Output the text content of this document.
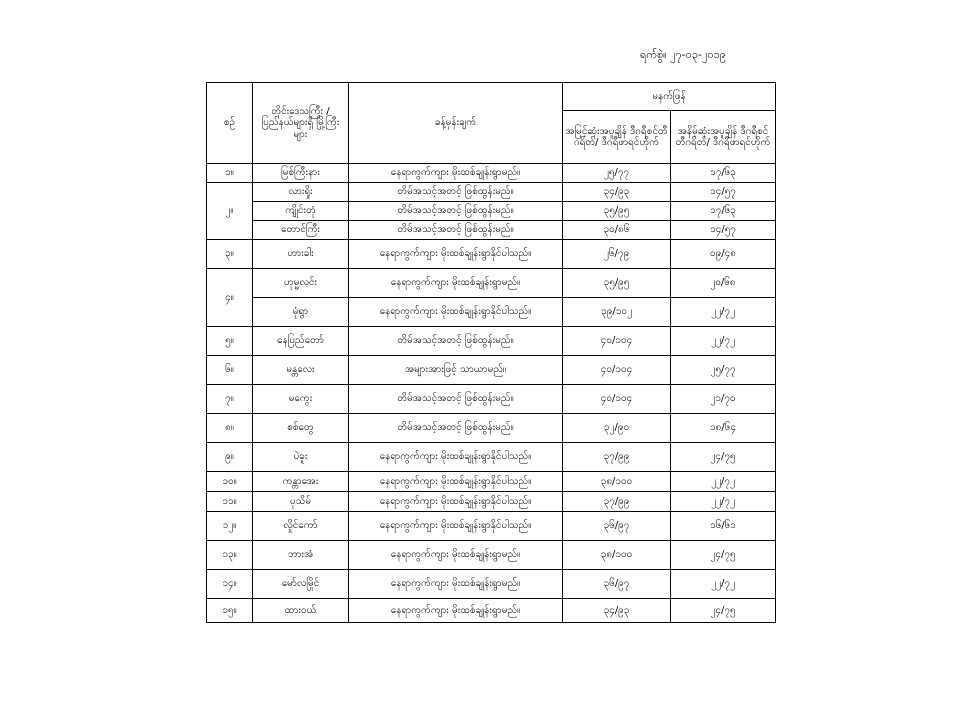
ရက်စွဲ။ ၂၇-၀၃-၂၀၁၉
စဉ်	တိုင်းဒေသကြီး / ပြည်နယ်များရှိ မြို့ကြီးများ	ခန့်မှန်းချက်	မနက်ဖြန်	
			အမြင့်ဆုံးအပူချိန် ဒီဂရီစင်တီဂရိတ်/ ဒီဂရီဖာရင်ဟိုက်	အနိမ့်ဆုံးအပူချိန် ဒီဂရီစင်တီဂရိတ်/ ဒီဂရီဖာရင်ဟိုက်
၁။	မြစ်ကြီးနား	နေရာကွက်ကျား မိုးထစ်ချုန်းရွာမည်။	၂၅/၇၇	၁၇/၆၃
၂။	လားရှိုး	တိမ်အသင့်အတင့် ဖြစ်ထွန်းမည်။	၃၄/၉၃	၁၄/၅၇
	ကျိုင်းတုံ	တိမ်အသင့်အတင့် ဖြစ်ထွန်းမည်။	၃၅/၉၅	၁၇/၆၃
	တောင်ကြီး	တိမ်အသင့်အတင့် ဖြစ်ထွန်းမည်။	၃၀/၈၆	၁၄/၅၇
၃။	ဟားခါး	နေရာကွက်ကျား မိုးထစ်ချုန်းရွာနိုင်ပါသည်။	၂၆/၇၉	၀၉/၄၈
၄။	ဟုမ္မလင်း	နေရာကွက်ကျား မိုးထစ်ချုန်းရွာမည်။	၃၅/၉၅	၂၀/၆၈
	မုံရွာ	နေရာကွက်ကျား မိုးထစ်ချုန်းရွာနိုင်ပါသည်။	၃၉/၁၀၂	၂၂/၇၂
၅။	နေပြည်တော်	တိမ်အသင့်အတင့် ဖြစ်ထွန်းမည်။	၄၀/၁၀၄	၂၂/၇၂
၆။	မန္တလေး	အများအားဖြင့် သာယာမည်။	၄၀/၁၀၄	၂၅/၇၇
၇။	မကွေး	တိမ်အသင့်အတင့် ဖြစ်ထွန်းမည်။	၄၀/၁၀၄	၂၁/၇၀
၈။	စစ်တွေ	တိမ်အသင့်အတင့် ဖြစ်ထွန်းမည်။	၃၂/၉၀	၁၈/၆၄
၉။	ပဲခူး	နေရာကွက်ကျား မိုးထစ်ချုန်းရွာနိုင်ပါသည်။	၃၇/၉၉	၂၄/၇၅
၁၀။	ကန္တာအေး	နေရာကွက်ကျား မိုးထစ်ချုန်းရွာနိုင်ပါသည်။	၃၈/၁၀၀	၂၂/၇၂
၁၁။	ပုသိမ်	နေရာကွက်ကျား မိုးထစ်ချုန်းရွာနိုင်ပါသည်။	၃၇/၉၉	၂၂/၇၂
၁၂။	လှိုင်ကော်	နေရာကွက်ကျား မိုးထစ်ချုန်းရွာနိုင်ပါသည်။	၃၆/၉၇	၁၆/၆၁
၁၃။	ဘားအံ	နေရာကွက်ကျား မိုးထစ်ချုန်းရွာမည်။	၃၈/၁၀၀	၂၄/၇၅
၁၄။	မော်လမြိုင်	နေရာကွက်ကျား မိုးထစ်ချုန်းရွာမည်။	၃၆/၉၇	၂၂/၇၂
၁၅။	ထားဝယ်	နေရာကွက်ကျား မိုးထစ်ချုန်းရွာမည်။	၃၄/၉၃	၂၄/၇၅
